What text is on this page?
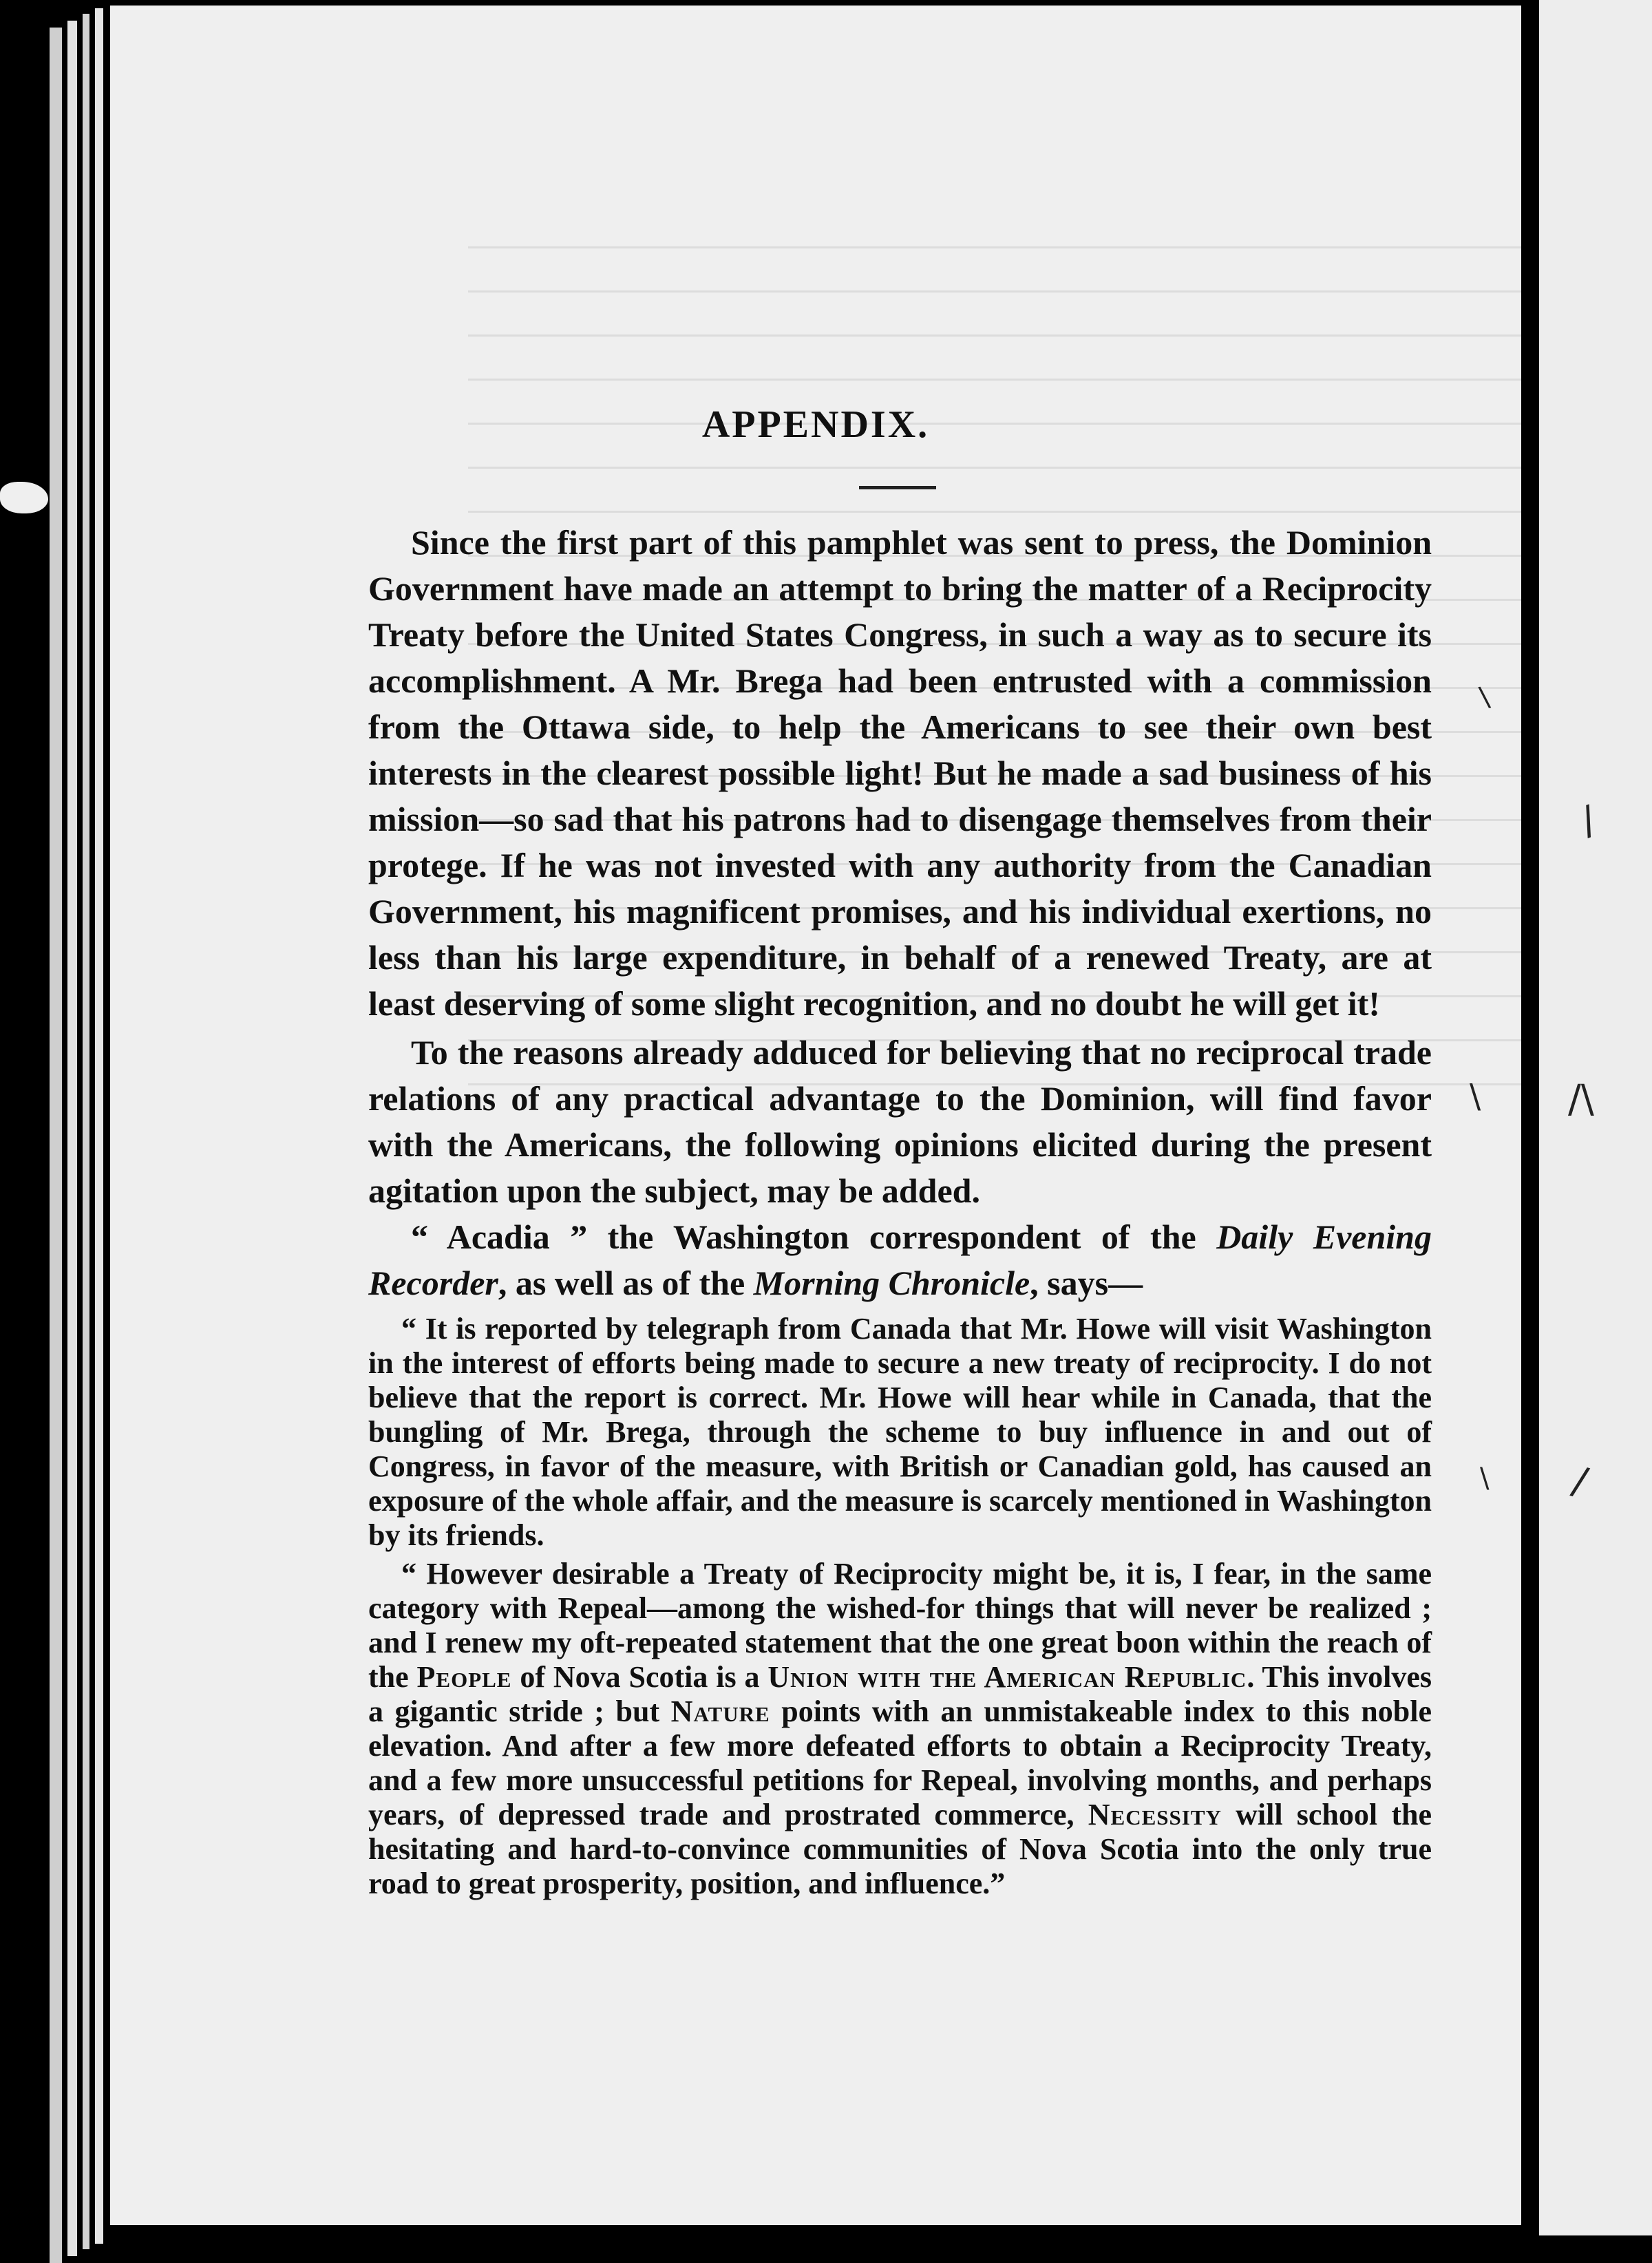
/
/\
/
\
\
\
APPENDIX.

Since the first part of this pamphlet was sent to press, the Dominion Government have made an attempt to bring the matter of a Reciprocity Treaty before the United States Congress, in such a way as to secure its accomplishment. A Mr. Brega had been entrusted with a commission from the Ottawa side, to help the Americans to see their own best interests in the clearest possible light! But he made a sad business of his mission—so sad that his patrons had to disengage themselves from their protege. If he was not invested with any authority from the Canadian Government, his magnificent promises, and his individual exertions, no less than his large expenditure, in behalf of a renewed Treaty, are at least deserving of some slight recognition, and no doubt he will get it!

To the reasons already adduced for believing that no reciprocal trade relations of any practical advantage to the Dominion, will find favor with the Americans, the following opinions elicited during the present agitation upon the subject, may be added.

“ Acadia ” the Washington correspondent of the Daily Evening Recorder, as well as of the Morning Chronicle, says—

“ It is reported by telegraph from Canada that Mr. Howe will visit Washington in the interest of efforts being made to secure a new treaty of reciprocity. I do not believe that the report is correct. Mr. Howe will hear while in Canada, that the bungling of Mr. Brega, through the scheme to buy influence in and out of Congress, in favor of the measure, with British or Canadian gold, has caused an exposure of the whole affair, and the measure is scarcely mentioned in Washington by its friends.

“ However desirable a Treaty of Reciprocity might be, it is, I fear, in the same category with Repeal—among the wished-for things that will never be realized ; and I renew my oft-repeated statement that the one great boon within the reach of the People of Nova Scotia is a Union with the American Republic. This involves a gigantic stride ; but Nature points with an unmistakeable index to this noble elevation. And after a few more defeated efforts to obtain a Reciprocity Treaty, and a few more unsuccessful petitions for Repeal, involving months, and perhaps years, of depressed trade and prostrated commerce, Necessity will school the hesitating and hard-to-convince communities of Nova Scotia into the only true road to great prosperity, position, and influence.”
